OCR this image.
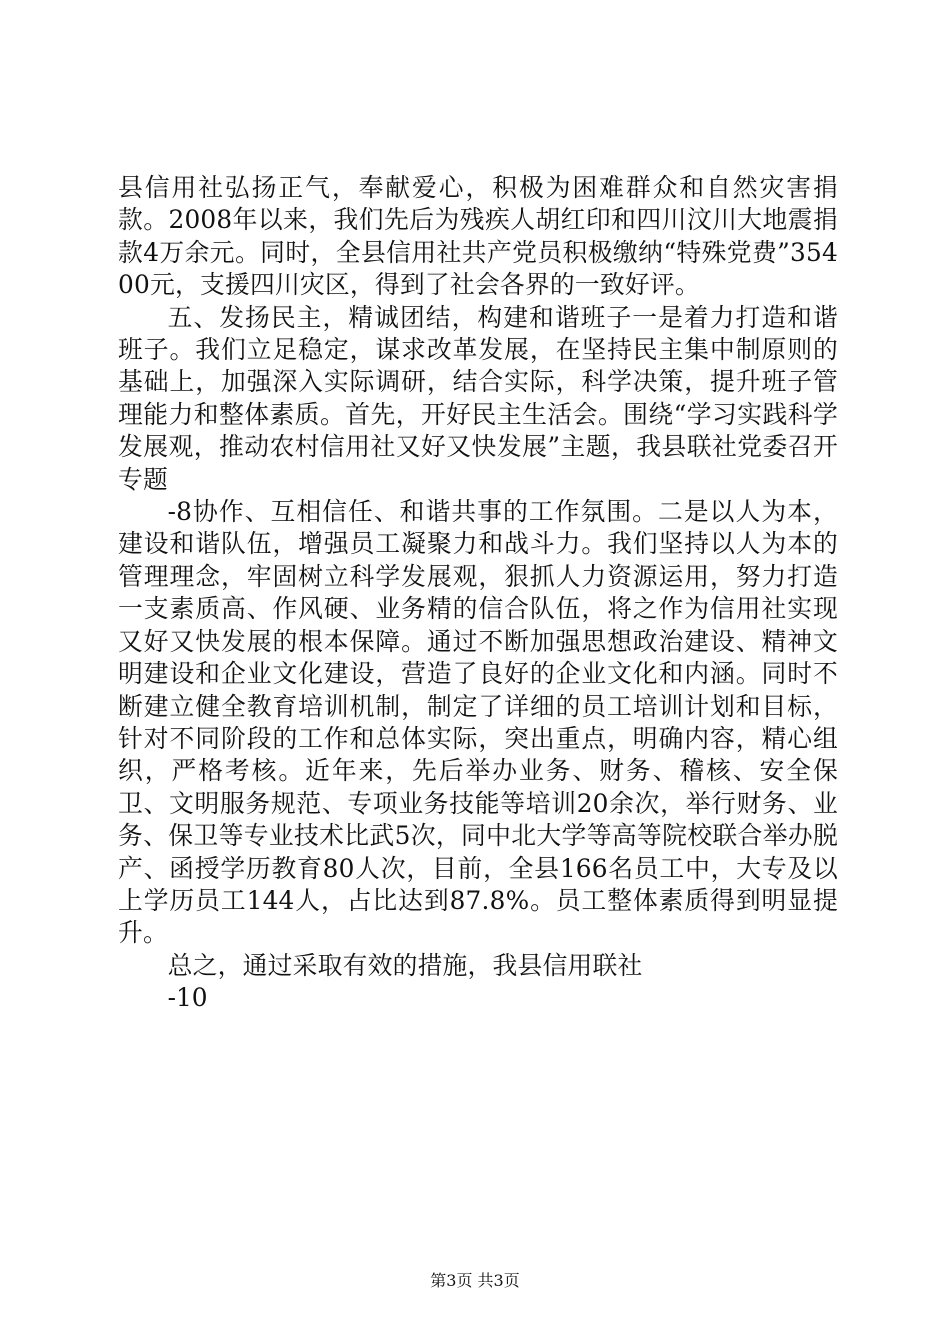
县信用社弘扬正气，奉献爱心，积极为困难群众和自然灾害捐款。2008年以来，我们先后为残疾人胡红印和四川汶川大地震捐款4万余元。同时，全县信用社共产党员积极缴纳“特殊党费”35400元，支援四川灾区，得到了社会各界的一致好评。

五、发扬民主，精诚团结，构建和谐班子一是着力打造和谐班子。我们立足稳定，谋求改革发展，在坚持民主集中制原则的基础上，加强深入实际调研，结合实际，科学决策，提升班子管理能力和整体素质。首先，开好民主生活会。围绕“学习实践科学发展观，推动农村信用社又好又快发展”主题，我县联社党委召开专题

-8协作、互相信任、和谐共事的工作氛围。二是以人为本，建设和谐队伍，增强员工凝聚力和战斗力。我们坚持以人为本的管理理念，牢固树立科学发展观，狠抓人力资源运用，努力打造一支素质高、作风硬、业务精的信合队伍，将之作为信用社实现又好又快发展的根本保障。通过不断加强思想政治建设、精神文明建设和企业文化建设，营造了良好的企业文化和内涵。同时不断建立健全教育培训机制，制定了详细的员工培训计划和目标，针对不同阶段的工作和总体实际，突出重点，明确内容，精心组织，严格考核。近年来，先后举办业务、财务、稽核、安全保卫、文明服务规范、专项业务技能等培训20余次，举行财务、业务、保卫等专业技术比武5次，同中北大学等高等院校联合举办脱产、函授学历教育80人次，目前，全县166名员工中，大专及以上学历员工144人，占比达到87.8%。员工整体素质得到明显提升。

总之，通过采取有效的措施，我县信用联社

-10

第3页 共3页
